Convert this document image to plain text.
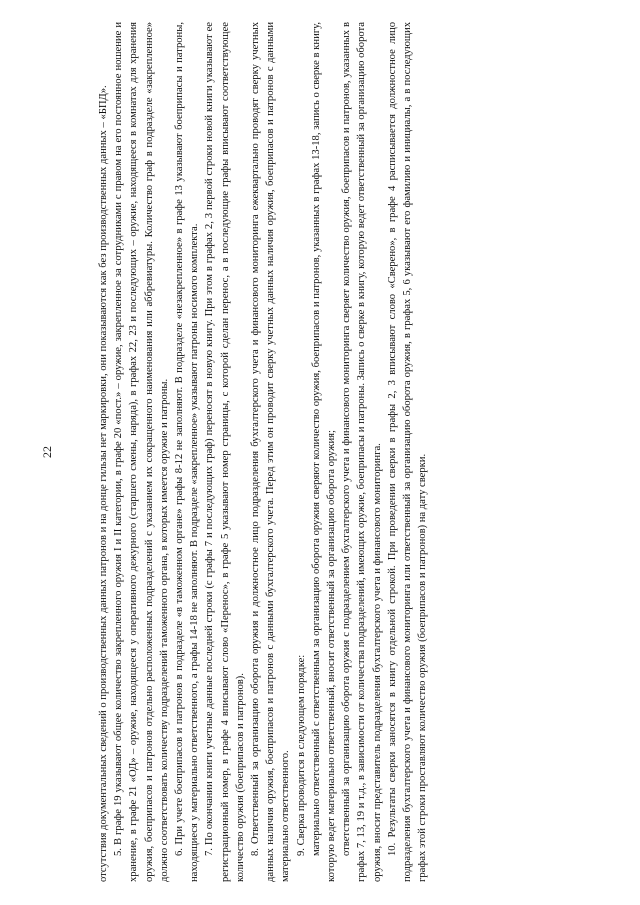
22	отсутствия документальных сведений о производственных данных патронов и на донце гильзы нет маркировки, они показываются как без производственных данных – «БПД». 5. В графе 19 указывают общее количество закрепленного оружия I и II категории, в графе 20 «пост.» – оружие, закрепленное за сотрудниками с правом на его постоянное ношение и хранение, в графе 21 «ОД» – оружие, находящееся у оперативного дежурного (старшего смены, наряда), в графах 22, 23 и последующих – оружие, находящееся в комнатах для хранения оружия, боеприпасов и патронов отдельно расположенных подразделений с указанием их сокращенного наименования или аббревиатуры. Количество граф в подразделе «закрепленное» должно соответствовать количеству подразделений таможенного органа, в которых имеется оружие и патроны. 6. При учете боеприпасов и патронов в подразделе «в таможенном органе» графы 8-12 не заполняют. В подразделе «незакрепленное» в графе 13 указывают боеприпасы и патроны, находящиеся у материально ответственного, а графы 14-18 не заполняют. В подразделе «закрепленное» указывают патроны носимого комплекта. 7. По окончании книги учетные данные последней строки (с графы 7 и последующих граф) переносят в новую книгу. При этом в графах 2, 3 первой строки новой книги указывают ее регистрационный номер, в графе 4 вписывают слово «Перенос», в графе 5 указывают номер страницы, с которой сделан перенос, а в последующие графы вписывают соответствующее количество оружия (боеприпасов и патронов). 8. Ответственный за организацию оборота оружия и должностное лицо подразделения бухгалтерского учета и финансового мониторинга ежеквартально проводят сверку учетных данных наличия оружия, боеприпасов и патронов с данными бухгалтерского учета. Перед этим он проводит сверку учетных данных наличия оружия, боеприпасов и патронов с данными материально ответственного. 9. Сверка проводится в следующем порядке: материально ответственный с ответственным за организацию оборота оружия сверяют количество оружия, боеприпасов и патронов, указанных в графах 13-18, запись о сверке в книгу, которую ведет материально ответственный, вносит ответственный за организацию оборота оружия; ответственный за организацию оборота оружия с подразделением бухгалтерского учета и финансового мониторинга сверяет количество оружия, боеприпасов и патронов, указанных в графах 7, 13, 19 и т.д., в зависимости от количества подразделений, имеющих оружие, боеприпасы и патроны. Запись о сверке в книгу, которую ведет ответственный за организацию оборота оружия, вносит представитель подразделения бухгалтерского учета и финансового мониторинга. 10. Результаты сверки заносятся в книгу отдельной строкой. При проведении сверки в графы 2, 3 вписывают слово «Сверено», в графе 4 расписывается должностное лицо подразделения бухгалтерского учета и финансового мониторинга или ответственный за организацию оборота оружия, в графах 5, 6 указывают его фамилию и инициалы, а в последующих графах этой строки проставляют количество оружия (боеприпасов и патронов) на дату сверки.
